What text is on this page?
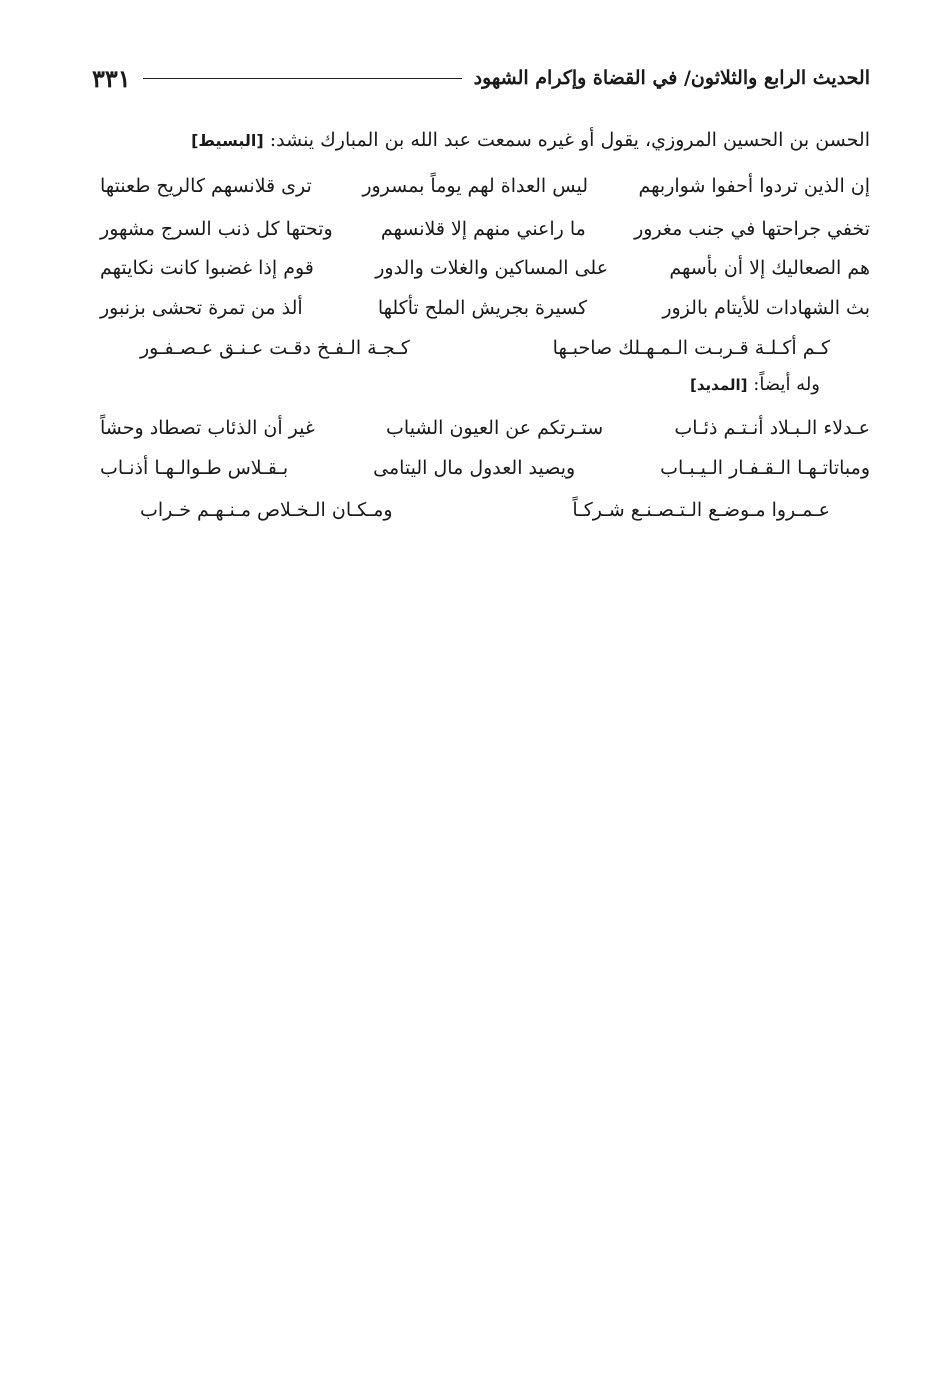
الحديث الرابع والثلاثون/ في القضاة وإكرام الشهود
٣٣١
الحسن بن الحسين المروزي، يقول أو غيره سمعت عبد الله بن المبارك ينشد: [البسيط]
إن الذين تردوا أحفوا شواربهم
ليس العداة لهم يوماً بمسرور
ترى قلانسهم كالريح طعنتها
تخفي جراحتها في جنب مغرور
ما راعني منهم إلا قلانسهم
وتحتها كل ذنب السرج مشهور
هم الصعاليك إلا أن بأسهم
على المساكين والغلات والدور
قوم إذا غضبوا كانت نكايتهم
بث الشهادات للأيتام بالزور
كسيرة بجريش الملح تأكلها
ألذ من تمرة تحشى بزنبور
كـم أكـلـة قـربـت الـمـهـلك صاحبـها
كـجـة الـفـخ دقـت عـنـق عـصـفـور
وله أيضاً: [المديد]
عـدلاء الـبـلاد أنـتـم ذئـاب
ستـرتكم عن العيون الشياب
غير أن الذئاب تصطاد وحشاً
ومباتاتـهـا الـقـفـار الـيـبـاب
ويصيد العدول مال اليتامى
بـقـلاس طـوالـهـا أذنـاب
عـمـروا مـوضـع الـتـصـنـع شـركـاً
ومـكـان الـخـلاص مـنـهـم خـراب
